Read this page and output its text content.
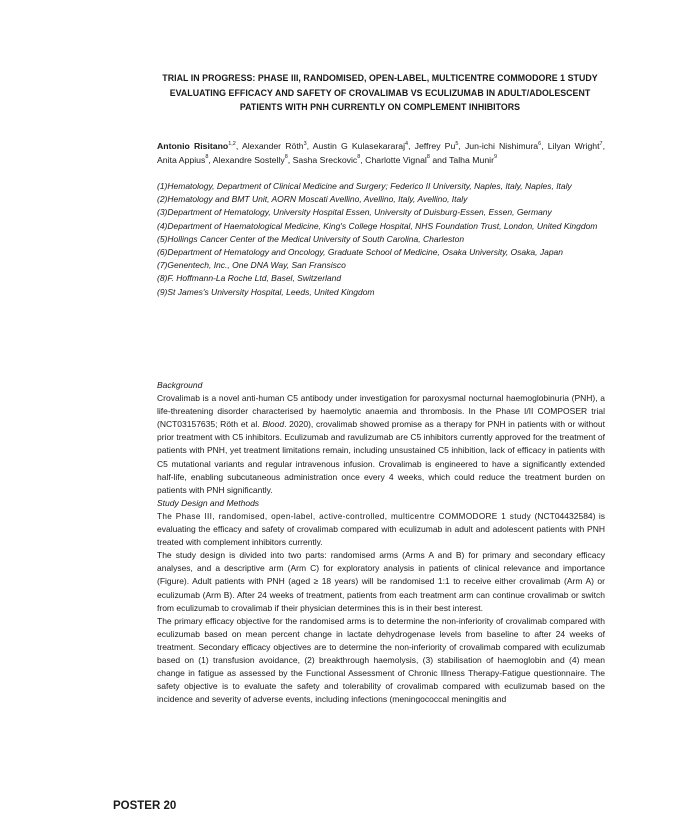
TRIAL IN PROGRESS: PHASE III, RANDOMISED, OPEN-LABEL, MULTICENTRE COMMODORE 1 STUDY EVALUATING EFFICACY AND SAFETY OF CROVALIMAB VS ECULIZUMAB IN ADULT/ADOLESCENT PATIENTS WITH PNH CURRENTLY ON COMPLEMENT INHIBITORS
Antonio Risitano$^{1,2}$, Alexander Röth$^3$, Austin G Kulasekararaj$^4$, Jeffrey Pu$^5$, Jun-ichi Nishimura$^6$, Lilyan Wright$^7$, Anita Appius$^8$, Alexandre Sostelly$^8$, Sasha Sreckovic$^8$, Charlotte Vignal$^8$ and Talha Munir$^9$
(1)Hematology, Department of Clinical Medicine and Surgery; Federico II University, Naples, Italy, Naples, Italy
(2)Hematology and BMT Unit, AORN Moscati Avellino, Avellino, Italy, Avellino, Italy
(3)Department of Hematology, University Hospital Essen, University of Duisburg-Essen, Essen, Germany
(4)Department of Haematological Medicine, King's College Hospital, NHS Foundation Trust, London, United Kingdom
(5)Hollings Cancer Center of the Medical University of South Carolina, Charleston
(6)Department of Hematology and Oncology, Graduate School of Medicine, Osaka University, Osaka, Japan
(7)Genentech, Inc., One DNA Way, San Fransisco
(8)F. Hoffmann-La Roche Ltd, Basel, Switzerland
(9)St James's University Hospital, Leeds, United Kingdom

Background

Crovalimab is a novel anti-human C5 antibody under investigation for paroxysmal nocturnal haemoglobinuria (PNH), a life-threatening disorder characterised by haemolytic anaemia and thrombosis. In the Phase I/II COMPOSER trial (NCT03157635; Röth et al. Blood. 2020), crovalimab showed promise as a therapy for PNH in patients with or without prior treatment with C5 inhibitors. Eculizumab and ravulizumab are C5 inhibitors currently approved for the treatment of patients with PNH, yet treatment limitations remain, including unsustained C5 inhibition, lack of efficacy in patients with C5 mutational variants and regular intravenous infusion. Crovalimab is engineered to have a significantly extended half-life, enabling subcutaneous administration once every 4 weeks, which could reduce the treatment burden on patients with PNH significantly.

Study Design and Methods

The Phase III, randomised, open-label, active-controlled, multicentre COMMODORE 1 study (NCT04432584) is evaluating the efficacy and safety of crovalimab compared with eculizumab in adult and adolescent patients with PNH treated with complement inhibitors currently.

The study design is divided into two parts: randomised arms (Arms A and B) for primary and secondary efficacy analyses, and a descriptive arm (Arm C) for exploratory analysis in patients of clinical relevance and importance (Figure). Adult patients with PNH (aged ≥ 18 years) will be randomised 1:1 to receive either crovalimab (Arm A) or eculizumab (Arm B). After 24 weeks of treatment, patients from each treatment arm can continue crovalimab or switch from eculizumab to crovalimab if their physician determines this is in their best interest.

The primary efficacy objective for the randomised arms is to determine the non-inferiority of crovalimab compared with eculizumab based on mean percent change in lactate dehydrogenase levels from baseline to after 24 weeks of treatment. Secondary efficacy objectives are to determine the non-inferiority of crovalimab compared with eculizumab based on (1) transfusion avoidance, (2) breakthrough haemolysis, (3) stabilisation of haemoglobin and (4) mean change in fatigue as assessed by the Functional Assessment of Chronic Illness Therapy-Fatigue questionnaire. The safety objective is to evaluate the safety and tolerability of crovalimab compared with eculizumab based on the incidence and severity of adverse events, including infections (meningococcal meningitis and

POSTER 20
